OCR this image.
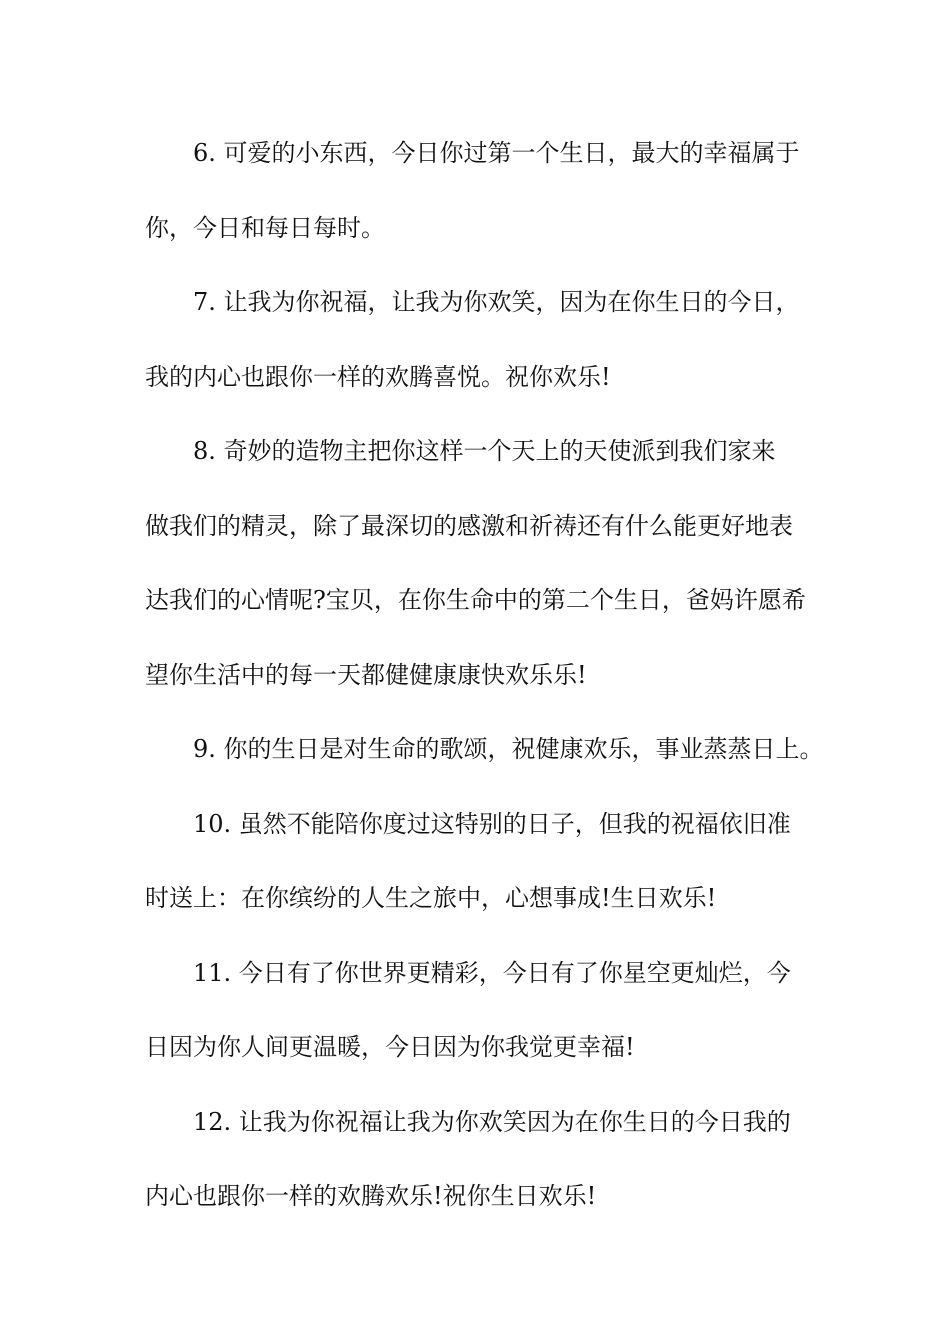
6. 可爱的小东西，今日你过第一个生日，最大的幸福属于
你，今日和每日每时。
7. 让我为你祝福，让我为你欢笑，因为在你生日的今日，
我的内心也跟你一样的欢腾喜悦。祝你欢乐!
8. 奇妙的造物主把你这样一个天上的天使派到我们家来
做我们的精灵，除了最深切的感激和祈祷还有什么能更好地表
达我们的心情呢?宝贝，在你生命中的第二个生日，爸妈许愿希
望你生活中的每一天都健健康康快欢乐乐!
9. 你的生日是对生命的歌颂，祝健康欢乐，事业蒸蒸日上。
10. 虽然不能陪你度过这特别的日子，但我的祝福依旧准
时送上：在你缤纷的人生之旅中，心想事成!生日欢乐!
11. 今日有了你世界更精彩，今日有了你星空更灿烂，今
日因为你人间更温暖，今日因为你我觉更幸福!
12. 让我为你祝福让我为你欢笑因为在你生日的今日我的
内心也跟你一样的欢腾欢乐!祝你生日欢乐!
